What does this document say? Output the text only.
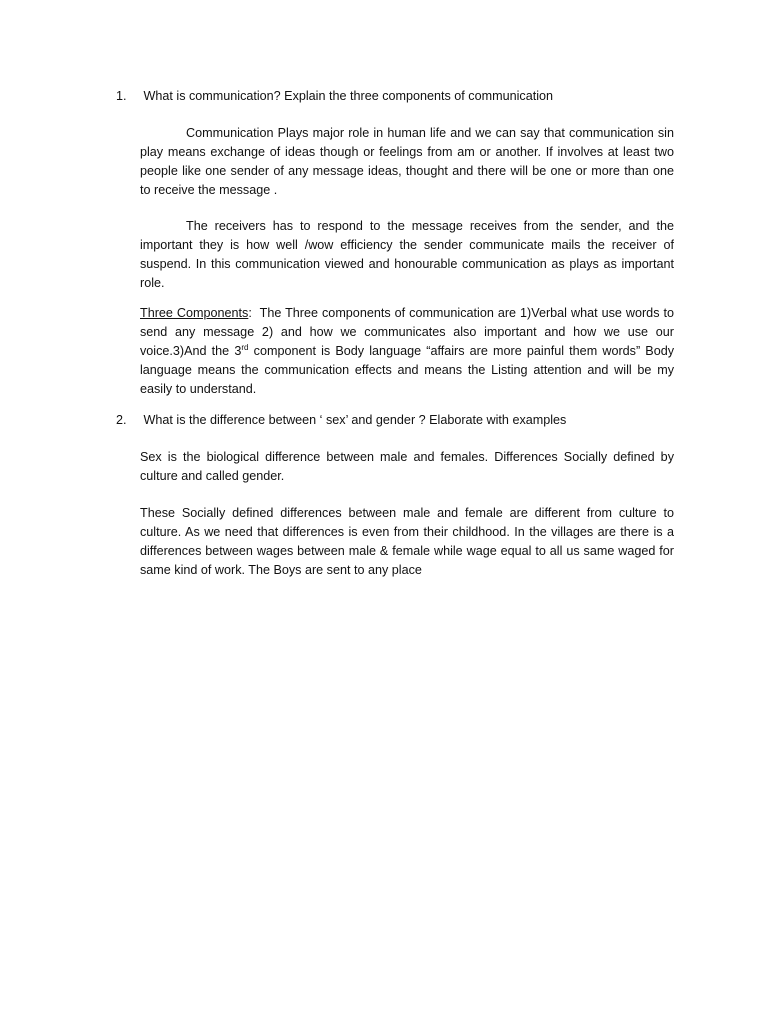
1. What is communication? Explain the three components of communication

Communication Plays major role in human life and we can say that communication sin play means exchange of ideas though or feelings from am or another. If involves at least two people like one sender of any message ideas, thought and there will be one or more than one to receive the message .

The receivers has to respond to the message receives from the sender, and the important they is how well /wow efficiency the sender communicate mails the receiver of suspend. In this communication viewed and honourable communication as plays as important role.

Three Components: The Three components of communication are 1)Verbal what use words to send any message 2) and how we communicates also important and how we use our voice.3)And the 3rd component is Body language “affairs are more painful them words” Body language means the communication effects and means the Listing attention and will be my easily to understand.

2. What is the difference between ‘ sex’ and gender ? Elaborate with examples

Sex is the biological difference between male and females. Differences Socially defined by culture and called gender.

These Socially defined differences between male and female are different from culture to culture. As we need that differences is even from their childhood. In the villages are there is a differences between wages between male & female while wage equal to all us same waged for same kind of work. The Boys are sent to any place
